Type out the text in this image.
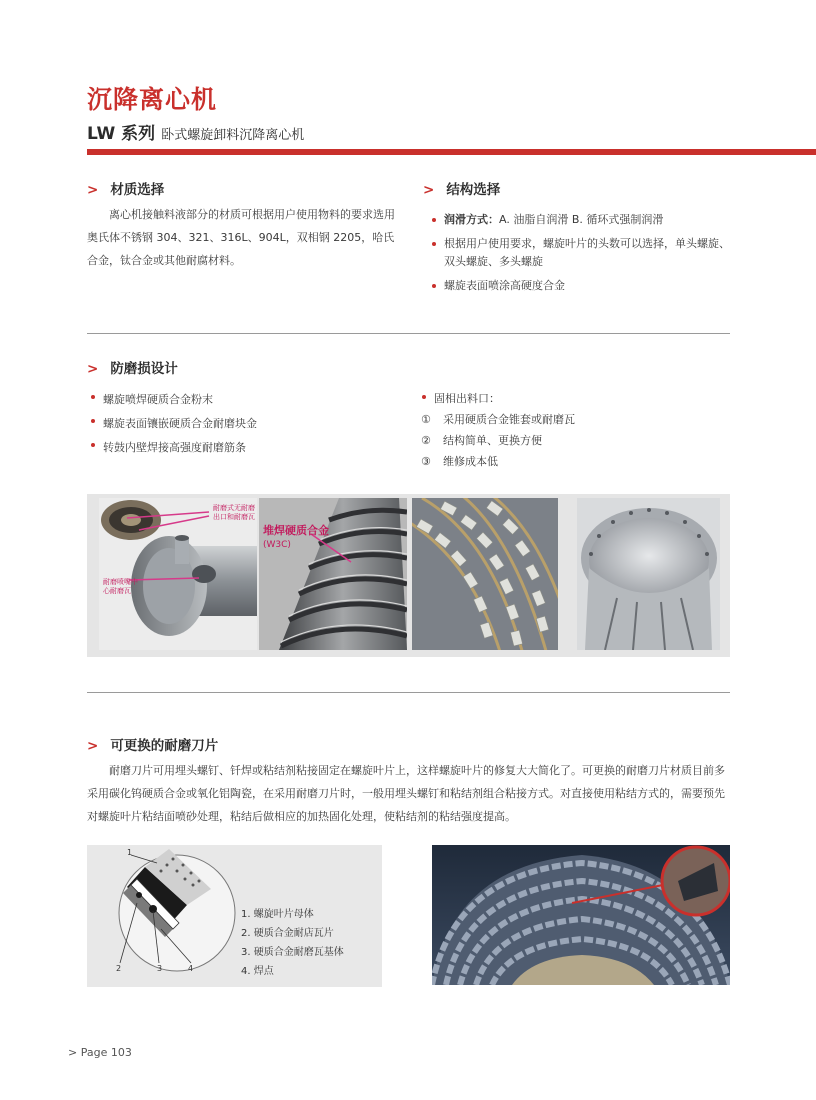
沉降离心机
LW 系列 卧式螺旋卸料沉降离心机
> 材质选择
离心机接触料液部分的材质可根据用户使用物料的要求选用奥氏体不锈钢 304、321、316L、904L，双相钢 2205，哈氏合金，钛合金或其他耐腐材料。
> 结构选择
润滑方式：A. 油脂自润滑 B. 循环式强制润滑
根据用户使用要求，螺旋叶片的头数可以选择，单头螺旋、双头螺旋、多头螺旋
螺旋表面喷涂高硬度合金
> 防磨损设计
螺旋喷焊硬质合金粉末
螺旋表面镶嵌硬质合金耐磨块金
转鼓内壁焊接高强度耐磨筋条
固相出料口：
① 采用硬质合金锥套或耐磨瓦
② 结构简单、更换方便
③ 维修成本低
耐磨式无耐磨出口和耐磨瓦
耐磨喷嘴中心耐磨瓦
堆焊硬质合金
(W3C)
> 可更换的耐磨刀片
耐磨刀片可用埋头螺钉、钎焊或粘结剂粘接固定在螺旋叶片上，这样螺旋叶片的修复大大简化了。可更换的耐磨刀片材质目前多采用碳化钨硬质合金或氧化铝陶瓷，在采用耐磨刀片时，一般用埋头螺钉和粘结剂组合粘接方式。对直接使用粘结方式的，需要预先对螺旋叶片粘结面喷砂处理，粘结后做相应的加热固化处理，使粘结剂的粘结强度提高。
1
2	3	4
1. 螺旋叶片母体
2. 硬质合金耐店瓦片
3. 硬质合金耐磨瓦基体
4. 焊点
> Page 103
